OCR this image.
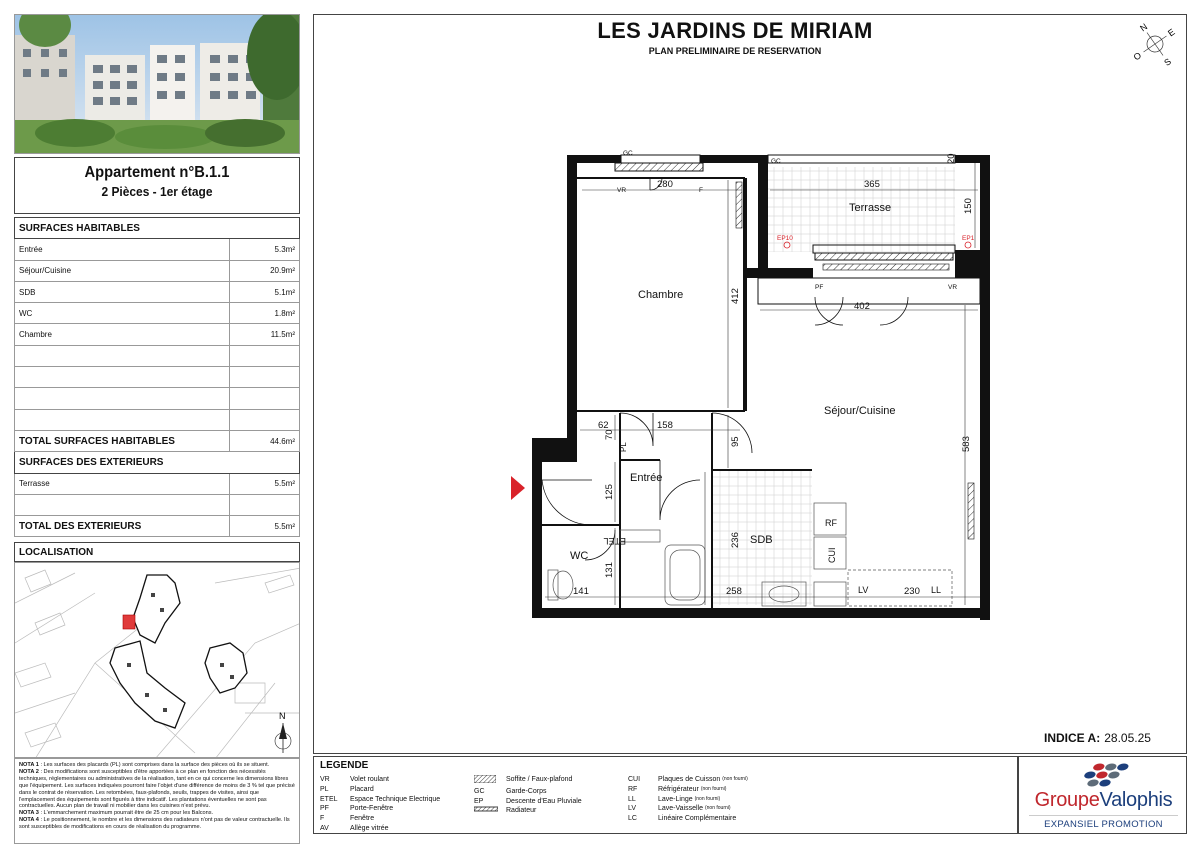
Appartement n°B.1.1
2 Pièces - 1er étage
SURFACES HABITABLES	
Entrée	5.3m²
Séjour/Cuisine	20.9m²
SDB	5.1m²
WC	1.8m²
Chambre	11.5m²

TOTAL SURFACES HABITABLES	44.6m²
SURFACES DES EXTERIEURS	
Terrasse	5.5m²

TOTAL DES EXTERIEURS	5.5m²
LOCALISATION
N
NOTA 1 : Les surfaces des placards (PL) sont comprises dans la surface des pièces où ils se situent.
NOTA 2 : Des modifications sont susceptibles d'être apportées à ce plan en fonction des nécessités techniques, réglementaires ou administratives de la réalisation, tant en ce qui concerne les dimensions libres que l'équipement. Les surfaces indiquées pourront faire l'objet d'une différence de moins de 3 % tel que précisé dans le contrat de réservation. Les retombées, faux-plafonds, seuils, trappes de visites, ainsi que l'emplacement des équipements sont figurés à titre indicatif. Les plantations éventuelles ne sont pas contractuelles. Aucun plan de travail ni mobilier dans les cuisines n'est prévu.
NOTA 3 : L'emmarchement maximum pourrait être de 25 cm pour les Balcons.
NOTA 4 : Le positionnement, le nombre et les dimensions des radiateurs n'ont pas de valeur contractuelle. Ils sont susceptibles de modifications en cours de réalisation du programme.
LES JARDINS DE MIRIAM
PLAN PRELIMINAIRE DE RESERVATION
N
O S
E
Chambre
Terrasse
Séjour/Cuisine
Entrée
SDB
WC
280	365
20
150
412
402
583
62
70
158
95
125
236
131
141	258	230
GC
GC
VR	F
PF	VR
PL
ETEL
RF
CUI
LV	LL
EP10	EP1
INDICE A: 28.05.25
LEGENDE
VR	Volet roulant
PL	Placard
ETEL	Espace Technique Electrique
PF	Porte-Fenêtre
F	Fenêtre
AV	Allège vitrée
Soffite / Faux-plafond
GC	Garde-Corps
EP	Descente d'Eau Pluviale
Radiateur
CUI	Plaques de Cuisson
(non fourni)
RF	Réfrigérateur
(non fourni)
LL	Lave-Linge
(non fourni)
LV	Lave-Vaisselle
(non fourni)
LC	Linéaire Complémentaire
GroupeValophis
EXPANSIEL PROMOTION
